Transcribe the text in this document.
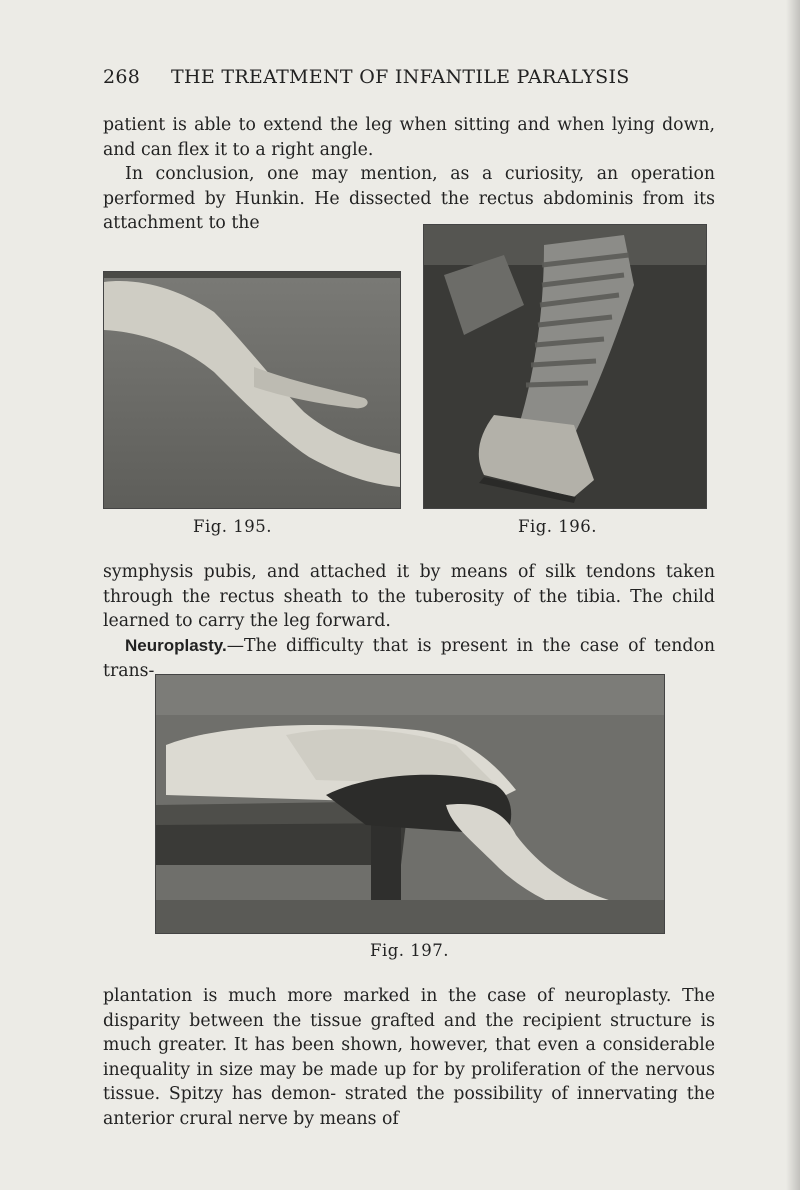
268 THE TREATMENT OF INFANTILE PARALYSIS

patient is able to extend the leg when sitting and when lying down, and can flex it to a right angle.

In conclusion, one may mention, as a curiosity, an operation performed by Hunkin. He dissected the rectus abdominis from its attachment to the

Fig. 195.	Fig. 196.

symphysis pubis, and attached it by means of silk tendons taken through the rectus sheath to the tuberosity of the tibia. The child learned to carry the leg forward.

Neuroplasty.—The difficulty that is present in the case of tendon trans-

Fig. 197.

plantation is much more marked in the case of neuroplasty. The disparity between the tissue grafted and the recipient structure is much greater. It has been shown, however, that even a considerable inequality in size may be made up for by proliferation of the nervous tissue. Spitzy has demon- strated the possibility of innervating the anterior crural nerve by means of
